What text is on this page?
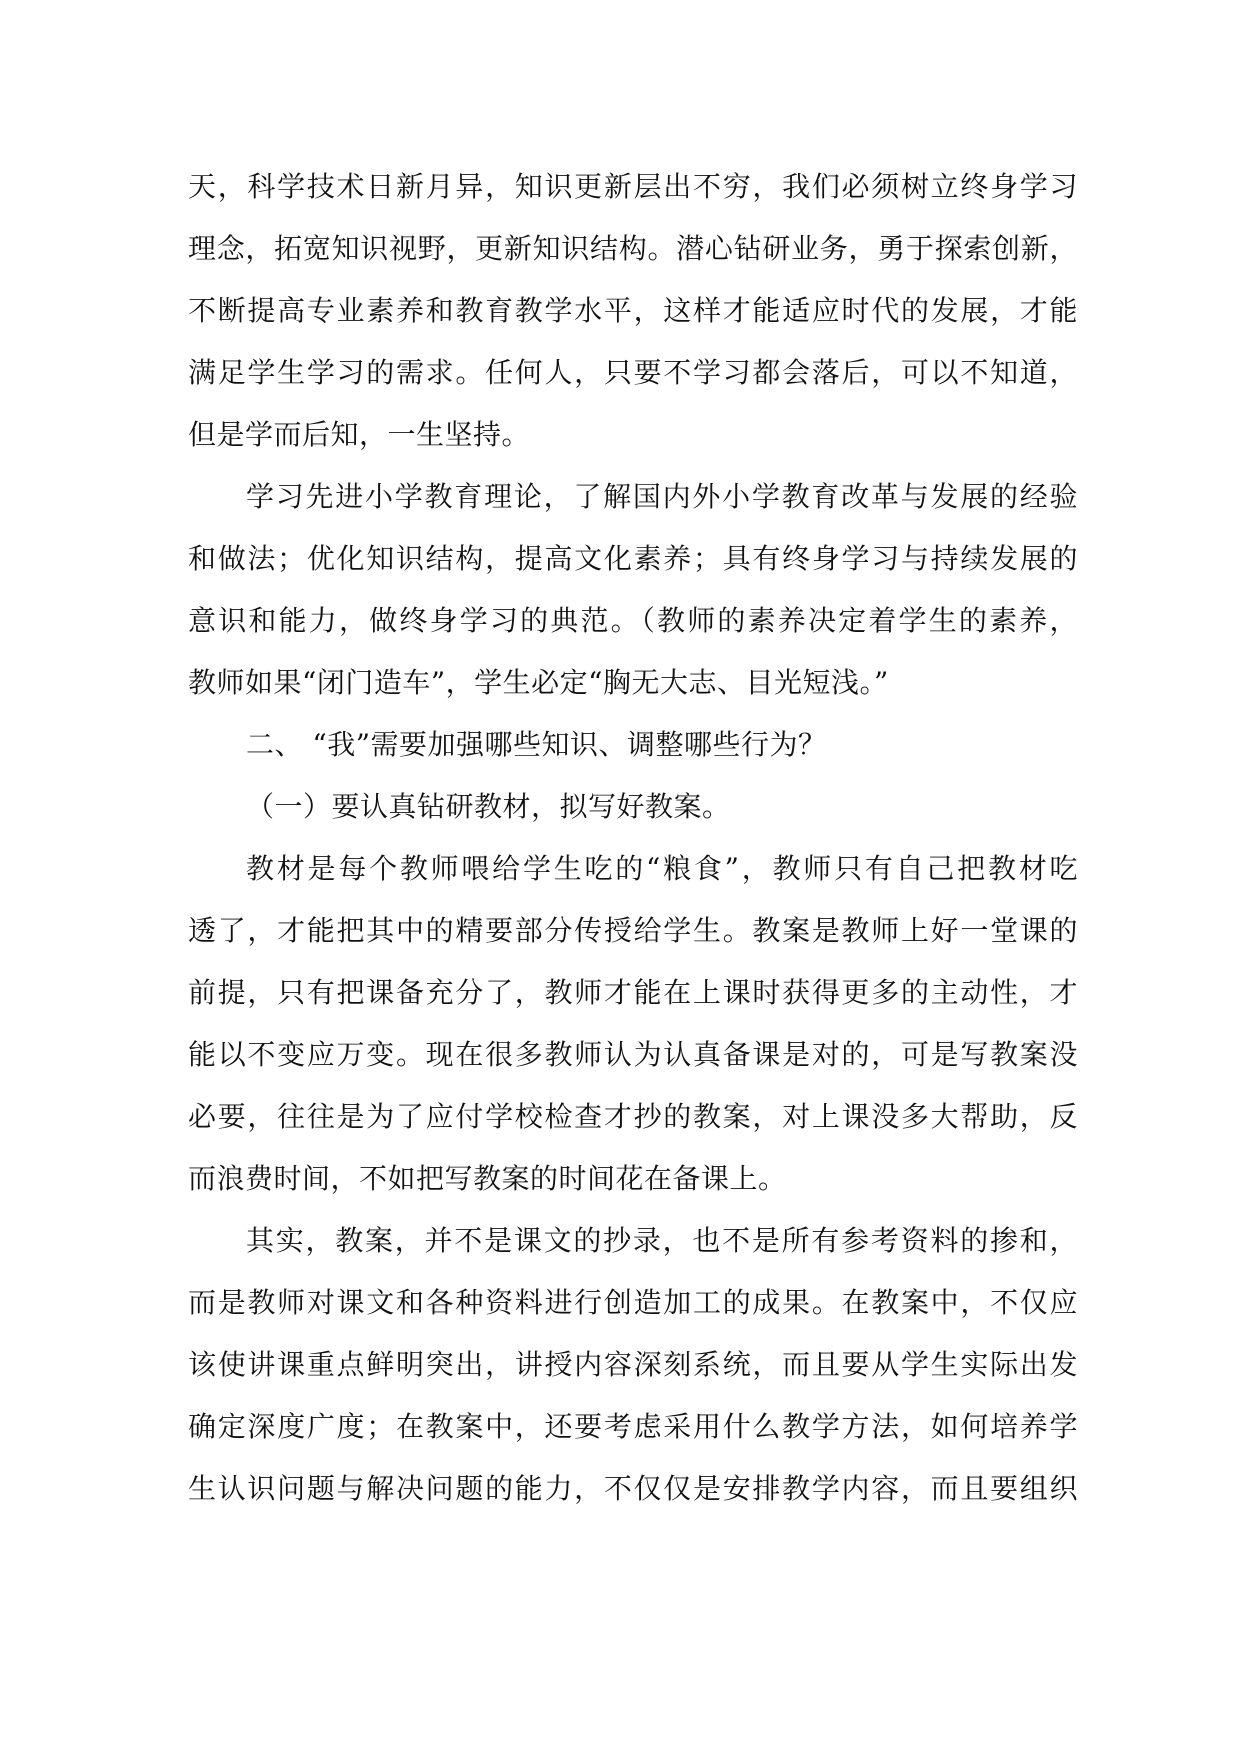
天，科学技术日新月异，知识更新层出不穷，我们必须树立终身学习
理念，拓宽知识视野，更新知识结构。潜心钻研业务，勇于探索创新，
不断提高专业素养和教育教学水平，这样才能适应时代的发展，才能
满足学生学习的需求。任何人，只要不学习都会落后，可以不知道，
但是学而后知，一生坚持。
学习先进小学教育理论，了解国内外小学教育改革与发展的经验
和做法；优化知识结构，提高文化素养；具有终身学习与持续发展的
意识和能力，做终身学习的典范。（教师的素养决定着学生的素养，
教师如果“闭门造车”，学生必定“胸无大志、目光短浅。”
二、 “我”需要加强哪些知识、调整哪些行为？
（一）要认真钻研教材，拟写好教案。
教材是每个教师喂给学生吃的“粮食”，教师只有自己把教材吃
透了，才能把其中的精要部分传授给学生。教案是教师上好一堂课的
前提，只有把课备充分了，教师才能在上课时获得更多的主动性，才
能以不变应万变。现在很多教师认为认真备课是对的，可是写教案没
必要，往往是为了应付学校检查才抄的教案，对上课没多大帮助，反
而浪费时间，不如把写教案的时间花在备课上。
其实，教案，并不是课文的抄录，也不是所有参考资料的掺和，
而是教师对课文和各种资料进行创造加工的成果。在教案中，不仅应
该使讲课重点鲜明突出，讲授内容深刻系统，而且要从学生实际出发
确定深度广度；在教案中，还要考虑采用什么教学方法，如何培养学
生认识问题与解决问题的能力，不仅仅是安排教学内容，而且要组织
